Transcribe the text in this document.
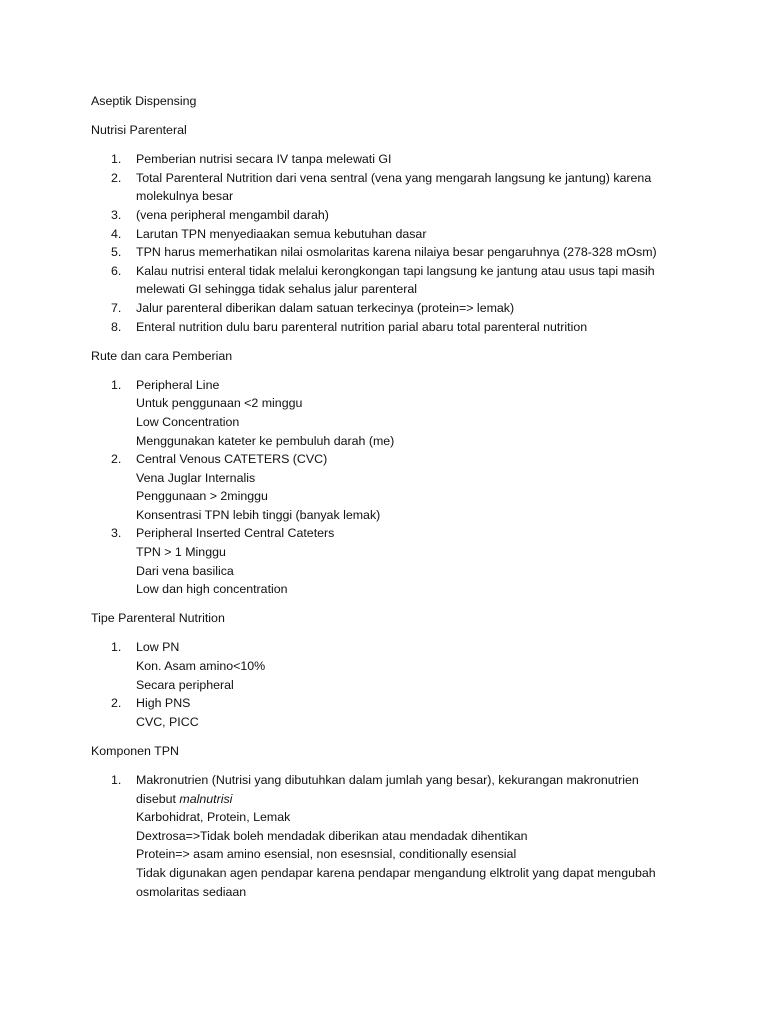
Aseptik Dispensing
Nutrisi Parenteral
1. Pemberian nutrisi secara IV tanpa melewati GI
2. Total Parenteral Nutrition dari vena sentral (vena yang mengarah langsung ke jantung) karena
molekulnya besar
3. (vena peripheral mengambil darah)
4. Larutan TPN menyediaakan semua kebutuhan dasar
5. TPN harus memerhatikan nilai osmolaritas karena nilaiya besar pengaruhnya (278-328 mOsm)
6. Kalau nutrisi enteral tidak melalui kerongkongan tapi langsung ke jantung atau usus tapi masih
melewati GI sehingga tidak sehalus jalur parenteral
7. Jalur parenteral diberikan dalam satuan terkecinya (protein=> lemak)
8. Enteral nutrition dulu baru parenteral nutrition parial abaru total parenteral nutrition
Rute dan cara Pemberian
1. Peripheral Line
Untuk penggunaan <2 minggu
Low Concentration
Menggunakan kateter ke pembuluh darah (me)
2. Central Venous CATETERS (CVC)
Vena Juglar Internalis
Penggunaan > 2minggu
Konsentrasi TPN lebih tinggi (banyak lemak)
3. Peripheral Inserted Central Cateters
TPN > 1 Minggu
Dari vena basilica
Low dan high concentration
Tipe Parenteral Nutrition
1. Low PN
Kon. Asam amino<10%
Secara peripheral
2. High PNS
CVC, PICC
Komponen TPN
1. Makronutrien (Nutrisi yang dibutuhkan dalam jumlah yang besar), kekurangan makronutrien
disebut malnutrisi
Karbohidrat, Protein, Lemak
Dextrosa=>Tidak boleh mendadak diberikan atau mendadak dihentikan
Protein=> asam amino esensial, non esesnsial, conditionally esensial
Tidak digunakan agen pendapar karena pendapar mengandung elktrolit yang dapat mengubah
osmolaritas sediaan
